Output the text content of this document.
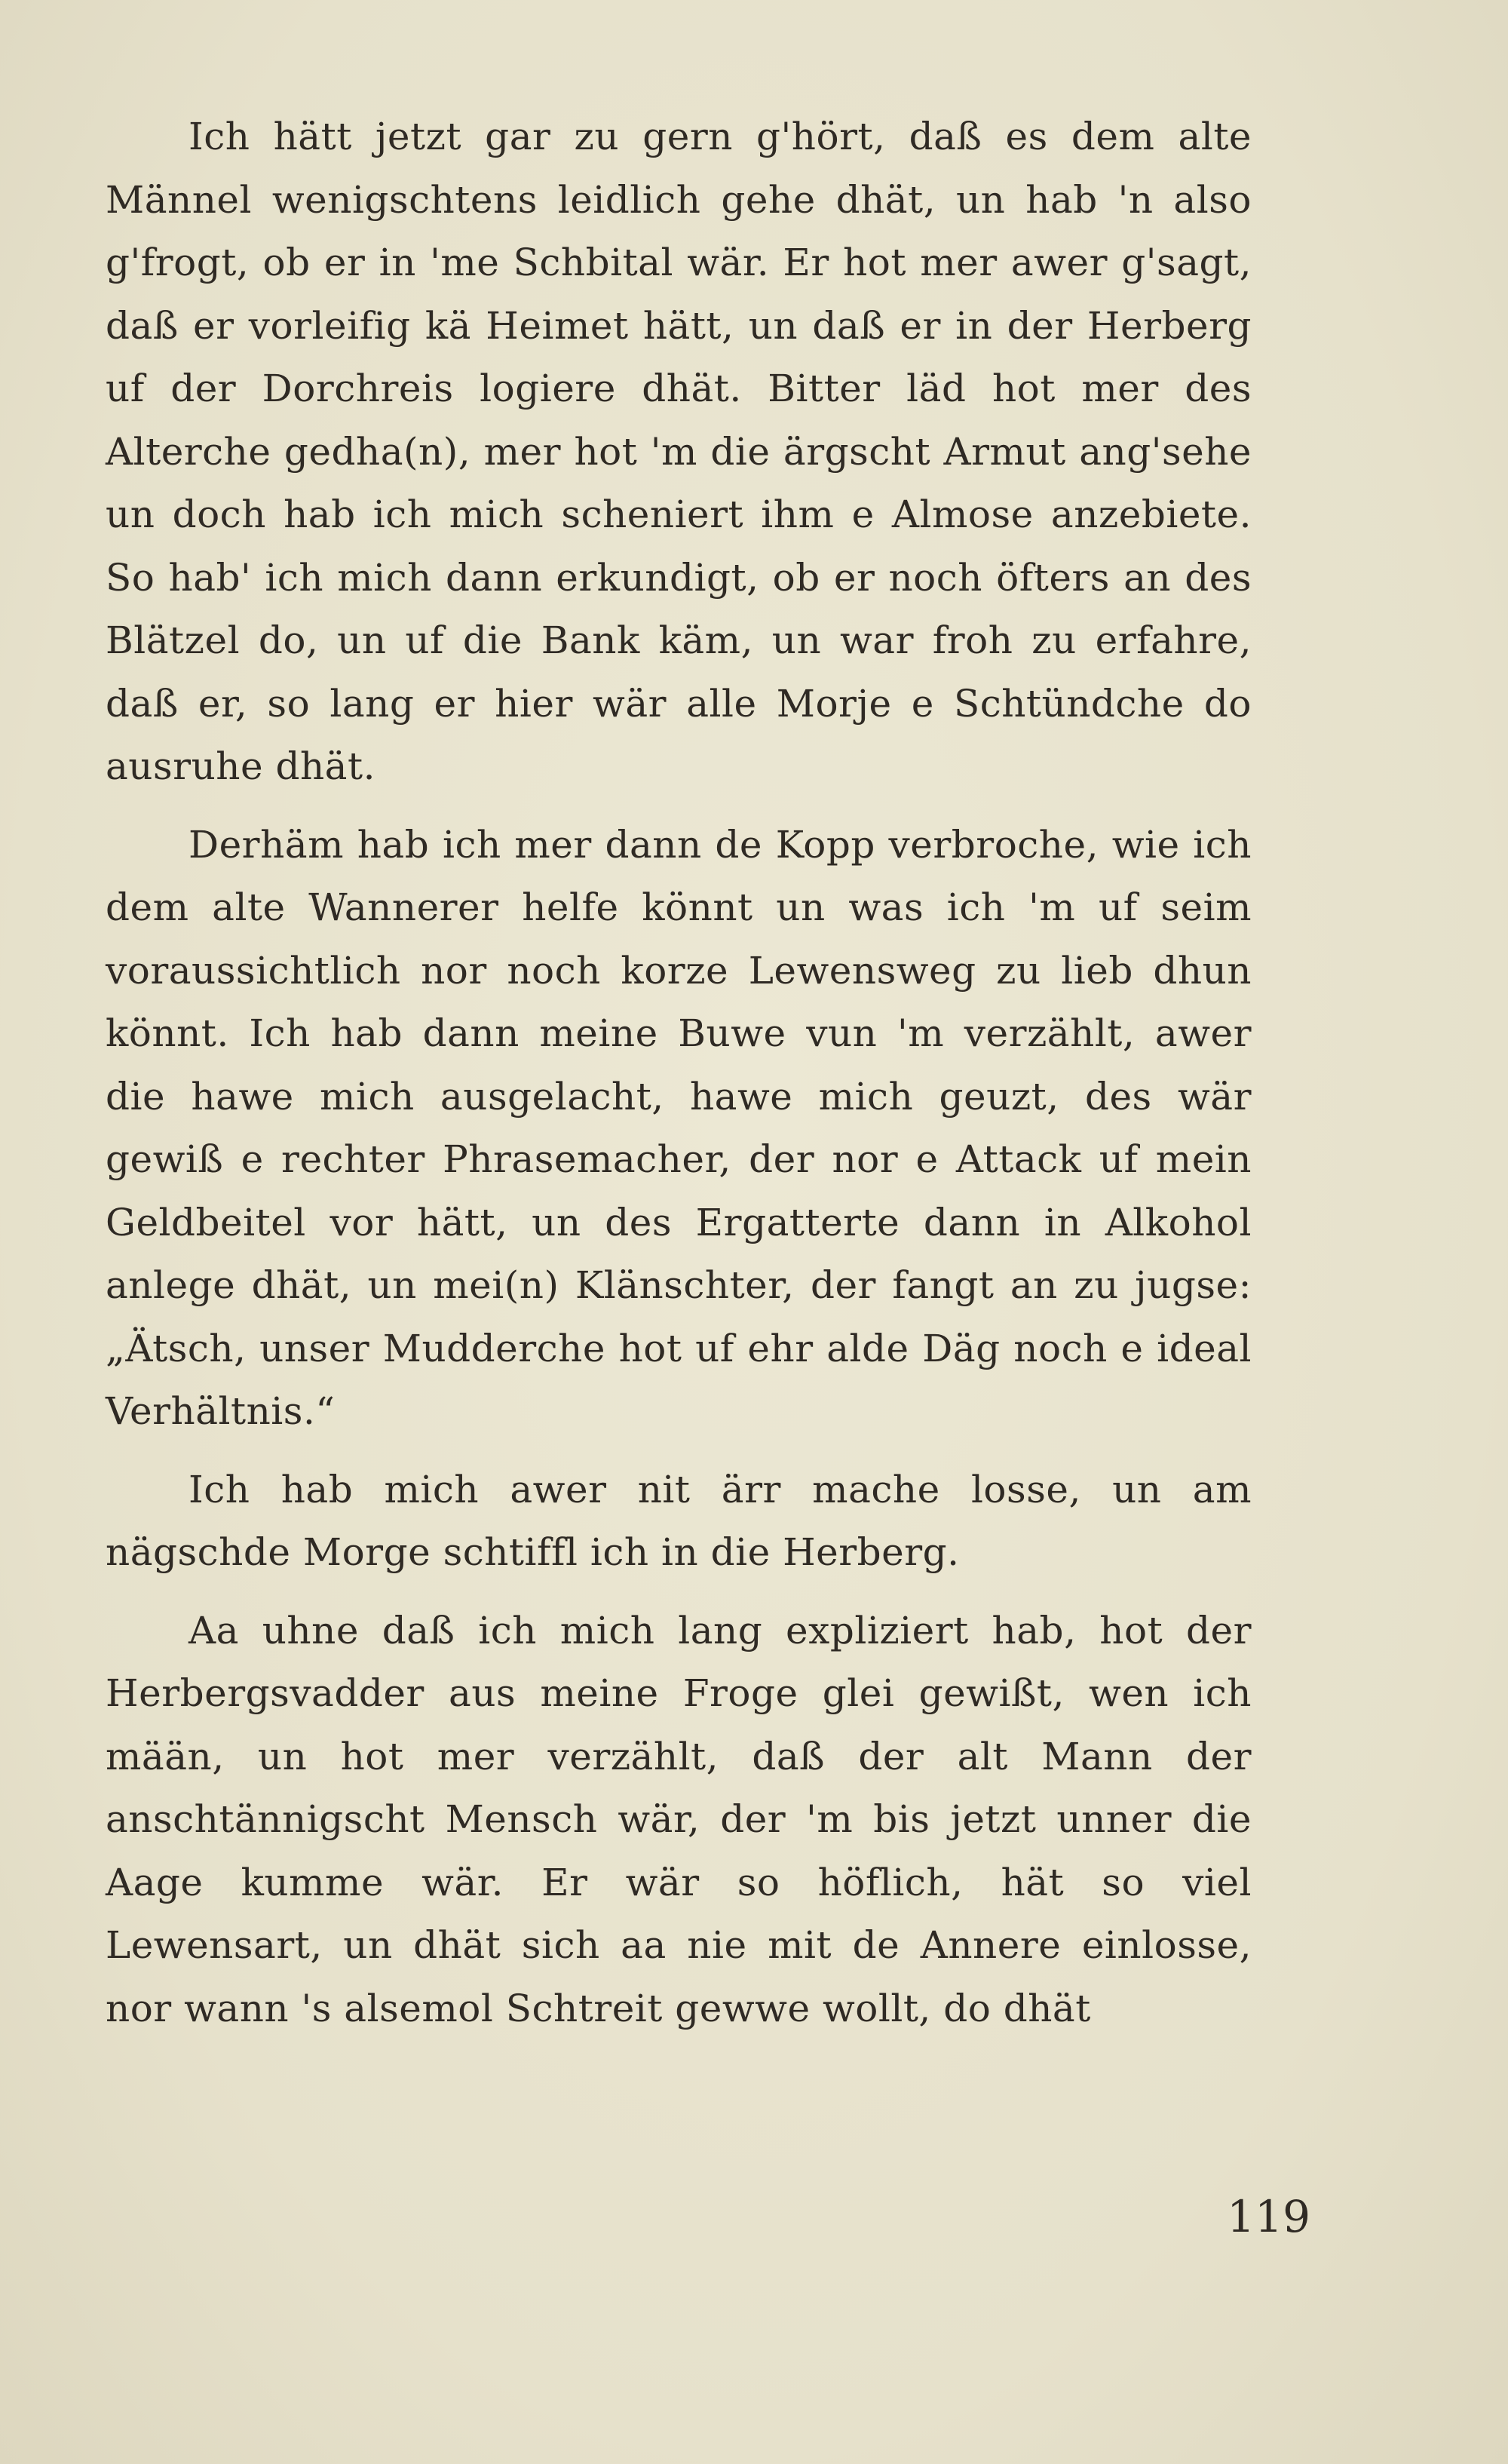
Ich hätt jetzt gar zu gern g'hört, daß es dem alte Männel wenigschtens leidlich gehe dhät, un hab 'n also g'frogt, ob er in 'me Schbital wär. Er hot mer awer g'sagt, daß er vorleifig kä Heimet hätt, un daß er in der Herberg uf der Dorchreis logiere dhät. Bitter läd hot mer des Alterche gedha(n), mer hot 'm die ärgscht Armut ang'sehe un doch hab ich mich scheniert ihm e Almose anzebiete. So hab' ich mich dann erkundigt, ob er noch öfters an des Blätzel do, un uf die Bank käm, un war froh zu erfahre, daß er, so lang er hier wär alle Morje e Schtündche do ausruhe dhät.

Derhäm hab ich mer dann de Kopp verbroche, wie ich dem alte Wannerer helfe könnt un was ich 'm uf seim voraussichtlich nor noch korze Lewensweg zu lieb dhun könnt. Ich hab dann meine Buwe vun 'm verzählt, awer die hawe mich ausgelacht, hawe mich geuzt, des wär gewiß e rechter Phrasemacher, der nor e Attack uf mein Geldbeitel vor hätt, un des Ergatterte dann in Alkohol anlege dhät, un mei(n) Klänschter, der fangt an zu jugse: „Ätsch, unser Mudderche hot uf ehr alde Däg noch e ideal Verhältnis.“

Ich hab mich awer nit ärr mache losse, un am nägschde Morge schtiffl ich in die Herberg.

Aa uhne daß ich mich lang expliziert hab, hot der Herbergsvadder aus meine Froge glei gewißt, wen ich mään, un hot mer verzählt, daß der alt Mann der anschtännigscht Mensch wär, der 'm bis jetzt unner die Aage kumme wär. Er wär so höflich, hät so viel Lewensart, un dhät sich aa nie mit de Annere einlosse, nor wann 's alsemol Schtreit gewwe wollt, do dhät

119
